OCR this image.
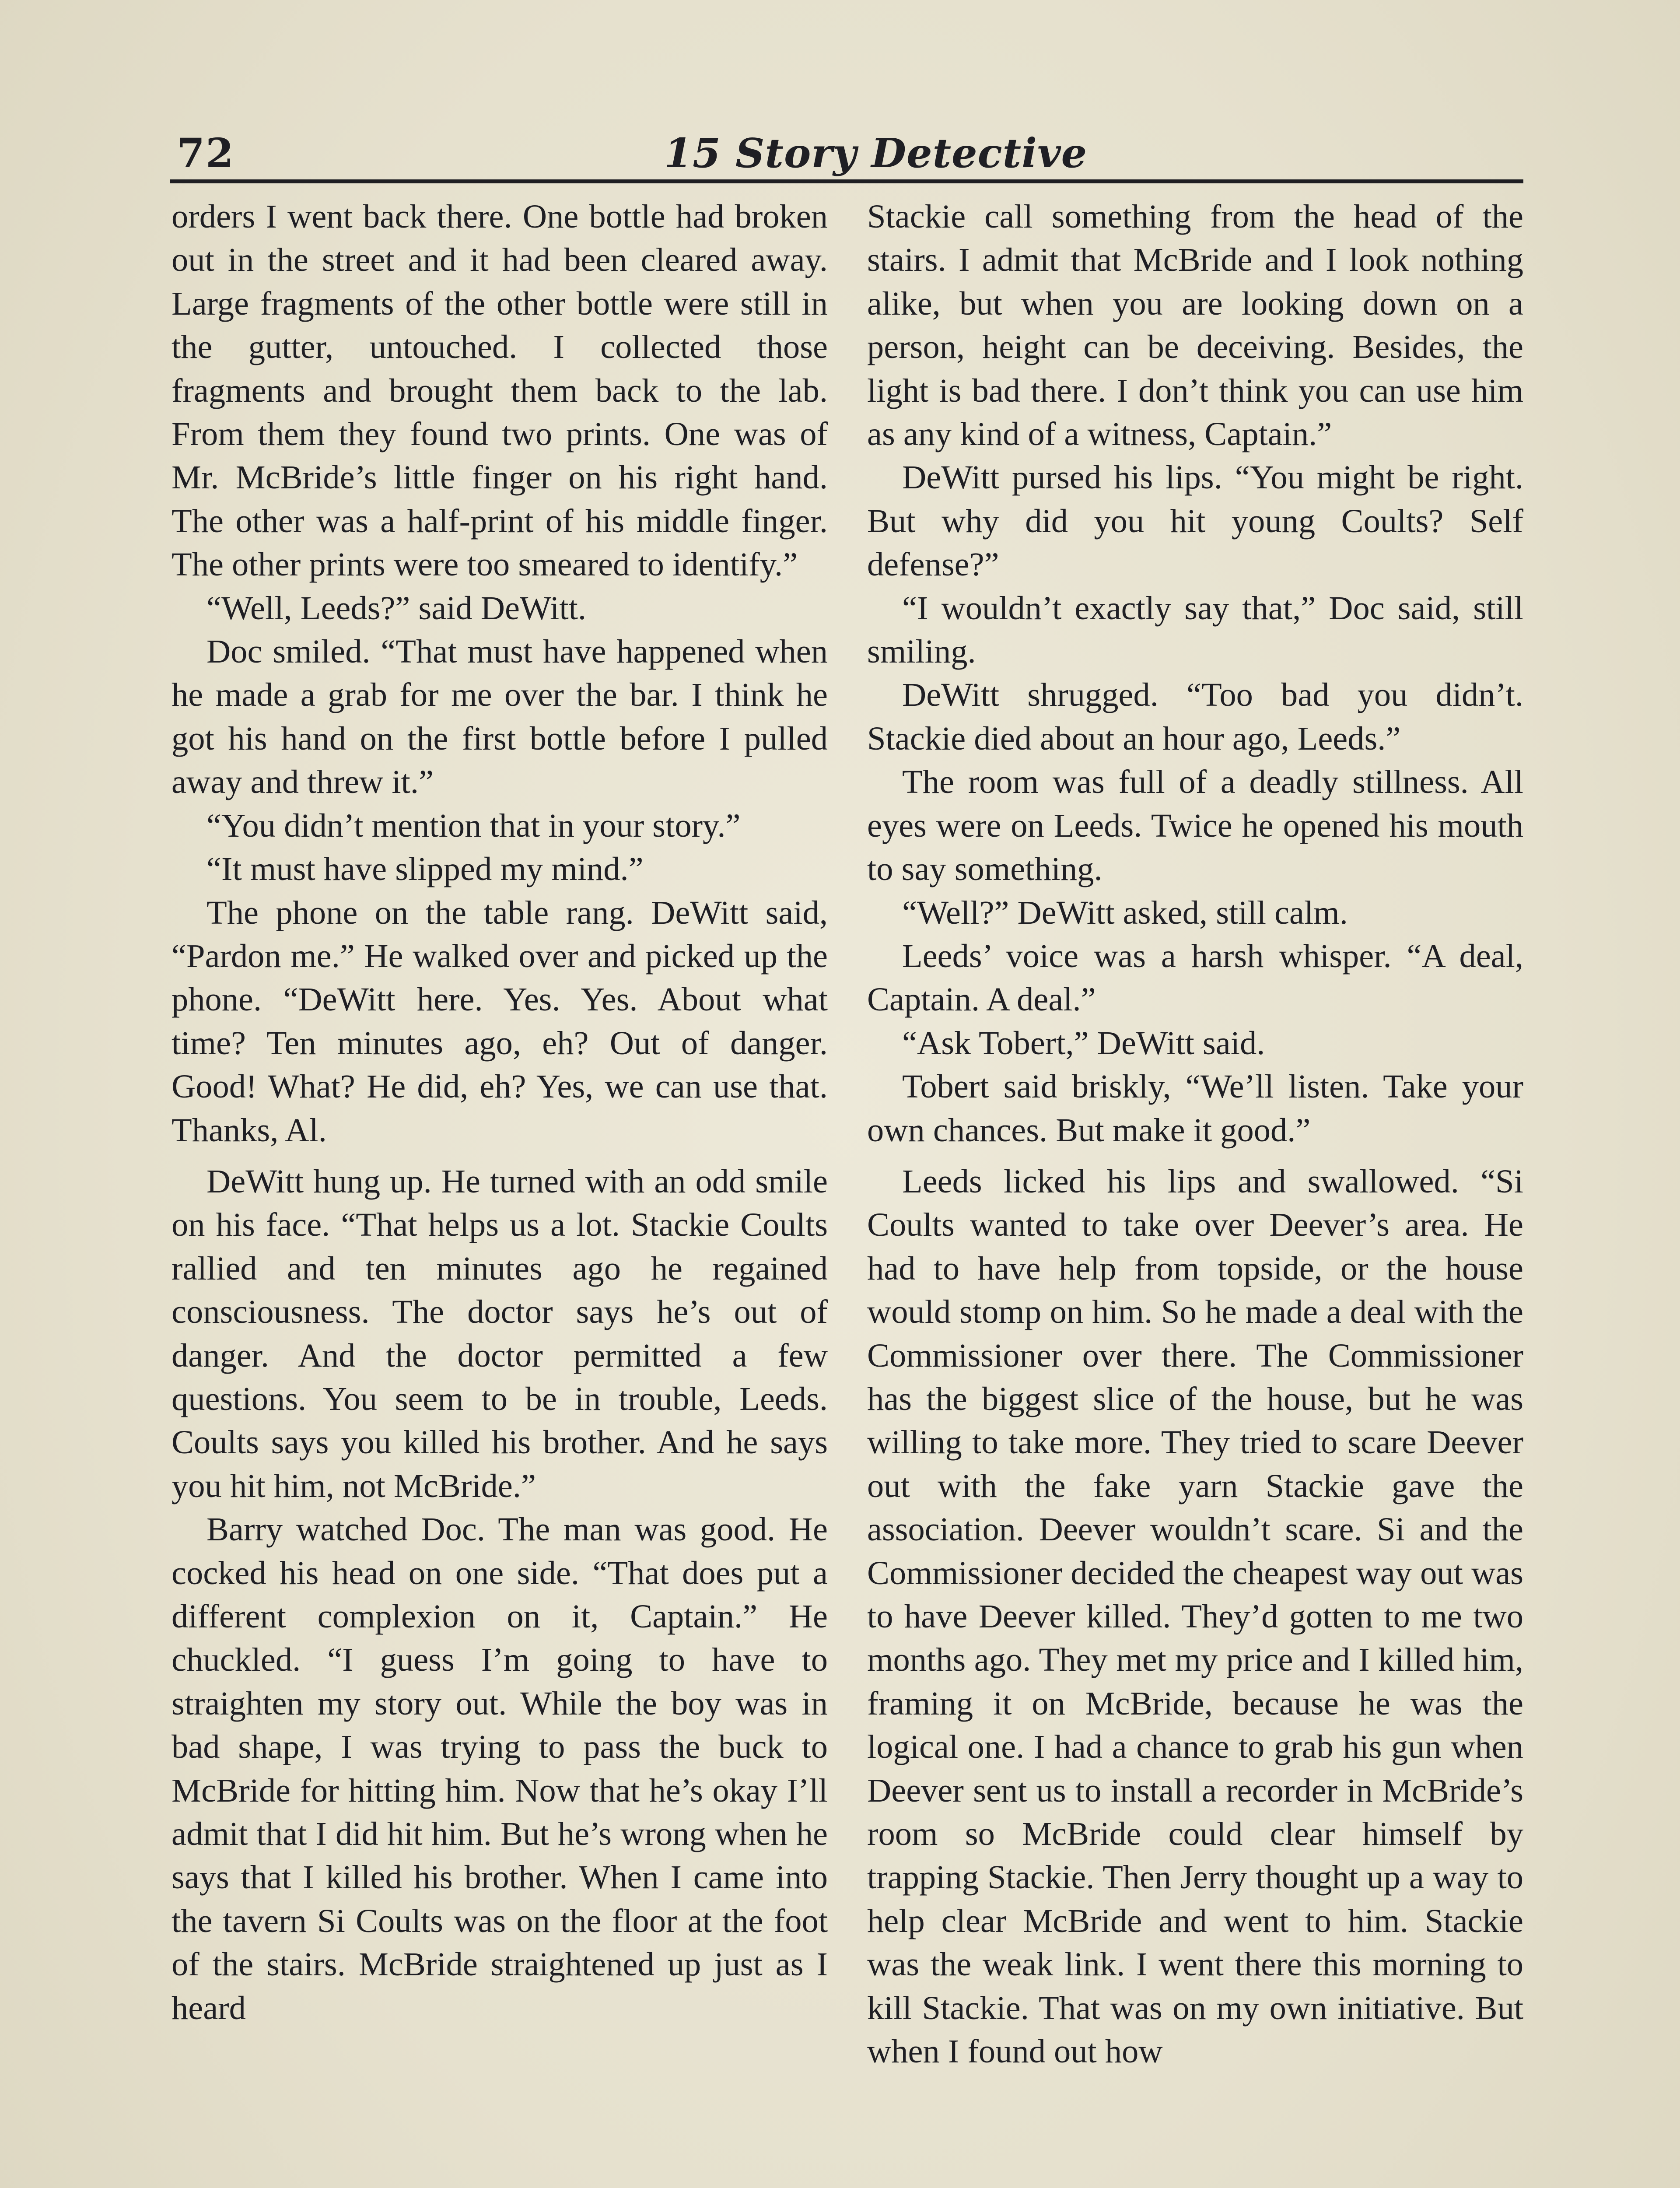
72	15 Story Detective

orders I went back there. One bottle had broken out in the street and it had been cleared away. Large fragments of the other bottle were still in the gutter, untouched. I collected those fragments and brought them back to the lab. From them they found two prints. One was of Mr. McBride’s little finger on his right hand. The other was a half-print of his middle finger. The other prints were too smeared to identify.”

“Well, Leeds?” said DeWitt.

Doc smiled. “That must have happened when he made a grab for me over the bar. I think he got his hand on the first bottle before I pulled away and threw it.”

“You didn’t mention that in your story.”

“It must have slipped my mind.”

The phone on the table rang. DeWitt said, “Pardon me.” He walked over and picked up the phone. “DeWitt here. Yes. Yes. About what time? Ten minutes ago, eh? Out of danger. Good! What? He did, eh? Yes, we can use that. Thanks, Al.

DeWitt hung up. He turned with an odd smile on his face. “That helps us a lot. Stackie Coults rallied and ten minutes ago he regained consciousness. The doctor says he’s out of danger. And the doctor permitted a few questions. You seem to be in trouble, Leeds. Coults says you killed his brother. And he says you hit him, not McBride.”

Barry watched Doc. The man was good. He cocked his head on one side. “That does put a different complexion on it, Captain.” He chuckled. “I guess I’m going to have to straighten my story out. While the boy was in bad shape, I was trying to pass the buck to McBride for hitting him. Now that he’s okay I’ll admit that I did hit him. But he’s wrong when he says that I killed his brother. When I came into the tavern Si Coults was on the floor at the foot of the stairs. McBride straightened up just as I heard

Stackie call something from the head of the stairs. I admit that McBride and I look nothing alike, but when you are looking down on a person, height can be deceiving. Besides, the light is bad there. I don’t think you can use him as any kind of a witness, Captain.”

DeWitt pursed his lips. “You might be right. But why did you hit young Coults? Self defense?”

“I wouldn’t exactly say that,” Doc said, still smiling.

DeWitt shrugged. “Too bad you didn’t. Stackie died about an hour ago, Leeds.”

The room was full of a deadly stillness. All eyes were on Leeds. Twice he opened his mouth to say something.

“Well?” DeWitt asked, still calm.

Leeds’ voice was a harsh whisper. “A deal, Captain. A deal.”

“Ask Tobert,” DeWitt said.

Tobert said briskly, “We’ll listen. Take your own chances. But make it good.”

Leeds licked his lips and swallowed. “Si Coults wanted to take over Deever’s area. He had to have help from topside, or the house would stomp on him. So he made a deal with the Commissioner over there. The Commissioner has the biggest slice of the house, but he was willing to take more. They tried to scare Deever out with the fake yarn Stackie gave the association. Deever wouldn’t scare. Si and the Commissioner decided the cheapest way out was to have Deever killed. They’d gotten to me two months ago. They met my price and I killed him, framing it on McBride, because he was the logical one. I had a chance to grab his gun when Deever sent us to install a recorder in McBride’s room so McBride could clear himself by trapping Stackie. Then Jerry thought up a way to help clear McBride and went to him. Stackie was the weak link. I went there this morning to kill Stackie. That was on my own initiative. But when I found out how
